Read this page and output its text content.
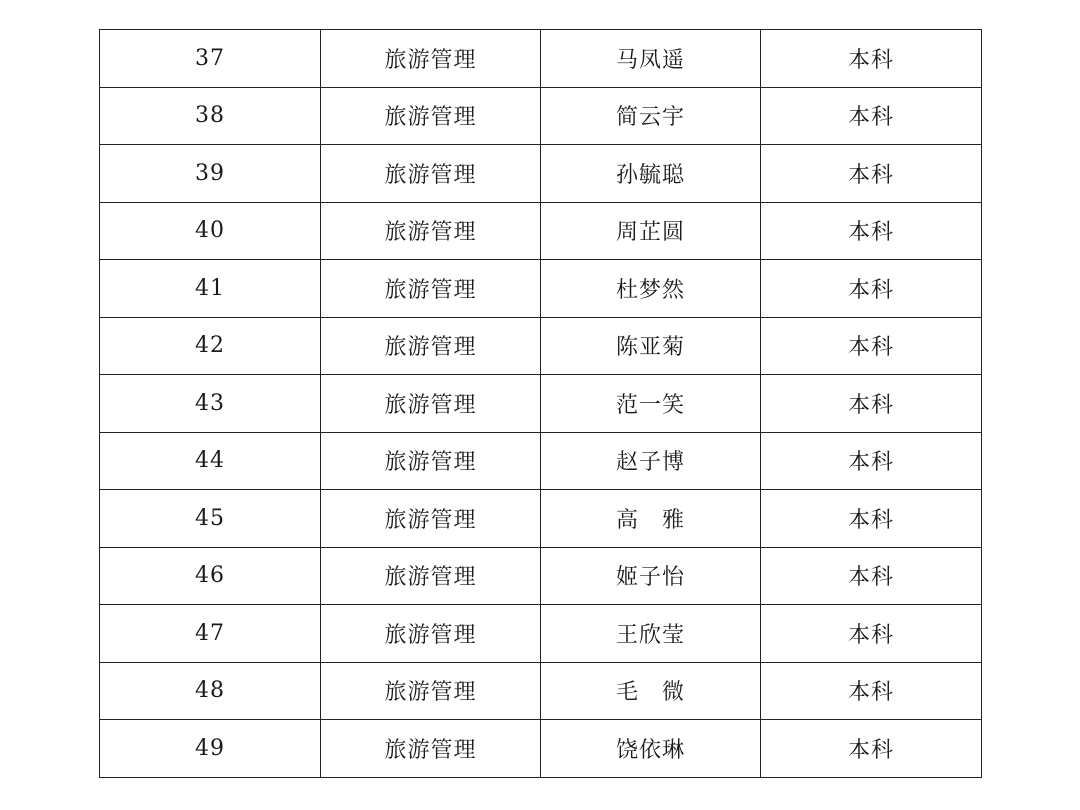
37	旅游管理	马凤遥	本科
38	旅游管理	简云宇	本科
39	旅游管理	孙毓聪	本科
40	旅游管理	周芷圆	本科
41	旅游管理	杜梦然	本科
42	旅游管理	陈亚菊	本科
43	旅游管理	范一笑	本科
44	旅游管理	赵子博	本科
45	旅游管理	高　雅	本科
46	旅游管理	姬子怡	本科
47	旅游管理	王欣莹	本科
48	旅游管理	毛　微	本科
49	旅游管理	饶依琳	本科
